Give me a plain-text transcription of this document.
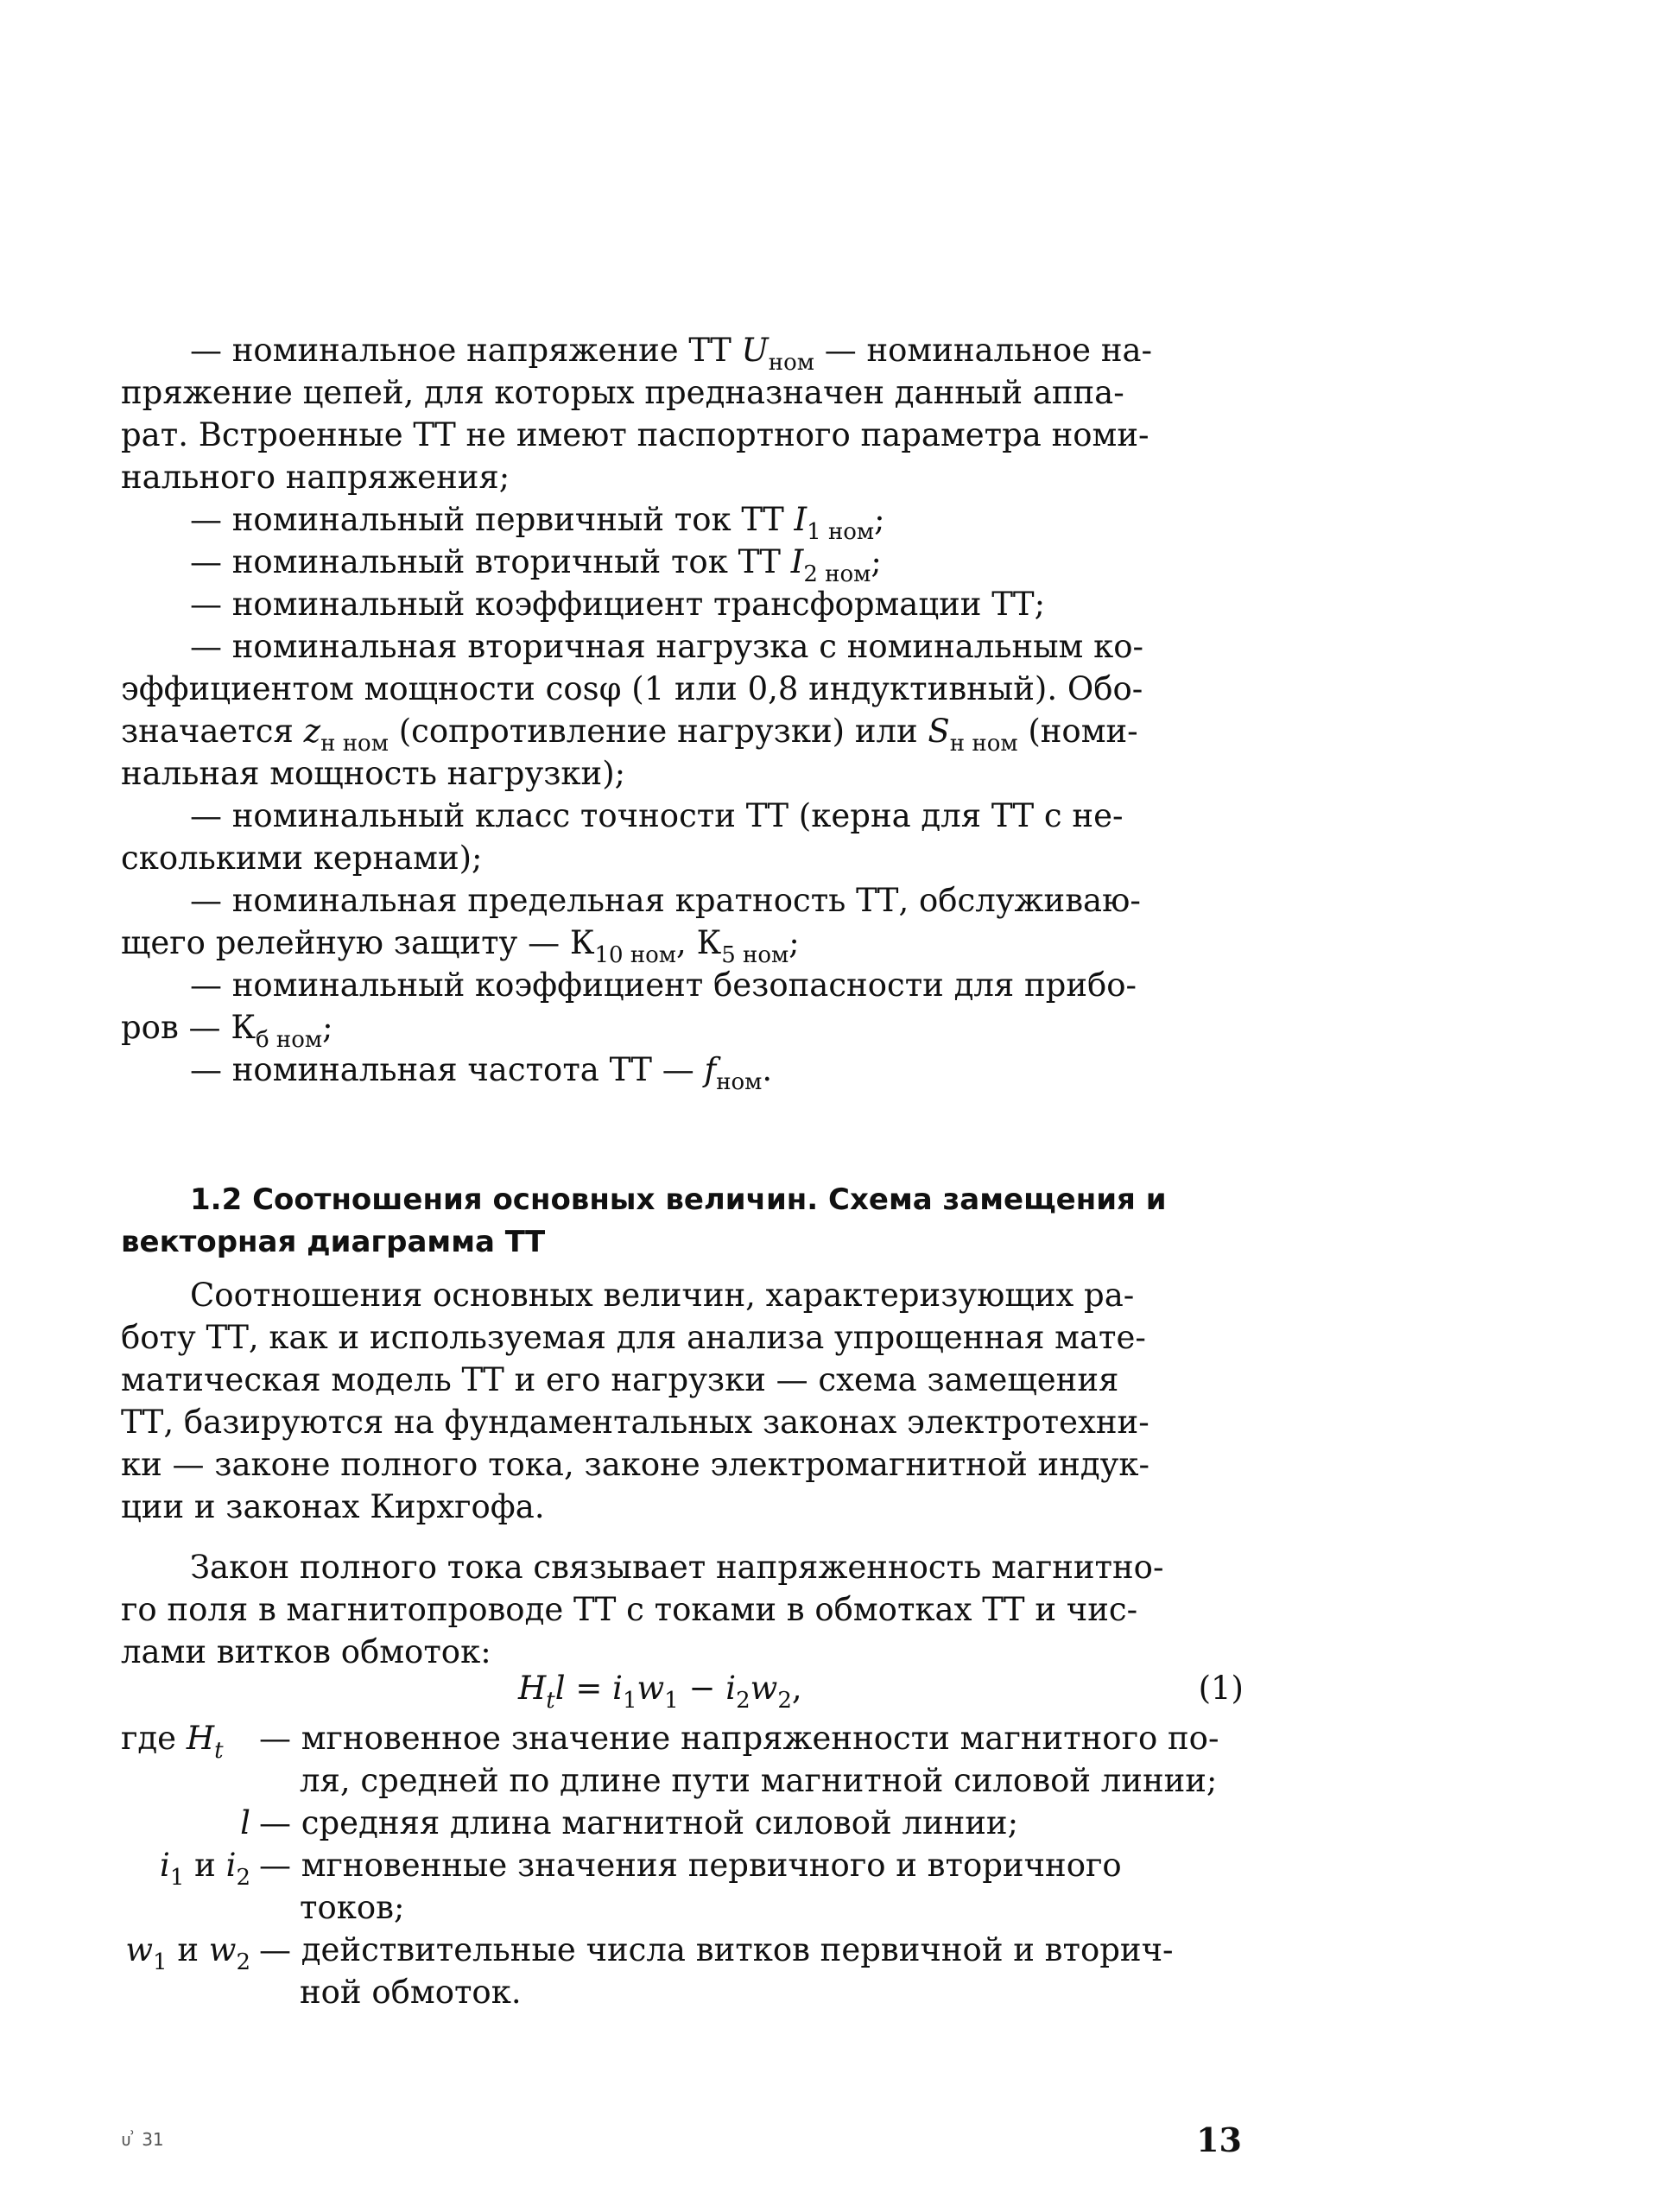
— номинальное напряжение ТТ $U_{ном}$ — номинальное на-
пряжение цепей, для которых предназначен данный аппа-
рат. Встроенные ТТ не имеют паспортного параметра номи-
нального напряжения;
— номинальный первичный ток ТТ $I_{1 ном}$;
— номинальный вторичный ток ТТ $I_{2 ном}$;
— номинальный коэффициент трансформации ТТ;
— номинальная вторичная нагрузка с номинальным ко-
эффициентом мощности cosφ (1 или 0,8 индуктивный). Обо-
значается $z_{н ном}$ (сопротивление нагрузки) или $S_{н ном}$ (номи-
нальная мощность нагрузки);
— номинальный класс точности ТТ (керна для ТТ с не-
сколькими кернами);
— номинальная предельная кратность ТТ, обслуживаю-
щего релейную защиту — $К_{10 ном}$, $К_{5 ном}$;
— номинальный коэффициент безопасности для прибо-
ров — $К_{б ном}$;
— номинальная частота ТТ — $f_{ном}$.
1.2 Соотношения основных величин. Схема замещения и
векторная диаграмма ТТ
Соотношения основных величин, характеризующих ра-
боту ТТ, как и используемая для анализа упрощенная мате-
матическая модель ТТ и его нагрузки — схема замещения
ТТ, базируются на фундаментальных законах электротехни-
ки — законе полного тока, законе электромагнитной индук-
ции и законах Кирхгофа.
Закон полного тока связывает напряженность магнитно-
го поля в магнитопроводе ТТ с токами в обмотках ТТ и чис-
лами витков обмоток:
$H_tl = i_1w_1 - i_2w_2$,	(1)
где $H_t$	— мгновенное значение напряженности магнитного по-
ля, средней по длине пути магнитной силовой линии;
l — средняя длина магнитной силовой линии;
$i_1$ и $i_2$ — мгновенные значения первичного и вторичного
токов;
$w_1$ и $w_2$ — действительные числа витков первичной и вторич-
ной обмоток.
ᴜ ͗ 31	13
